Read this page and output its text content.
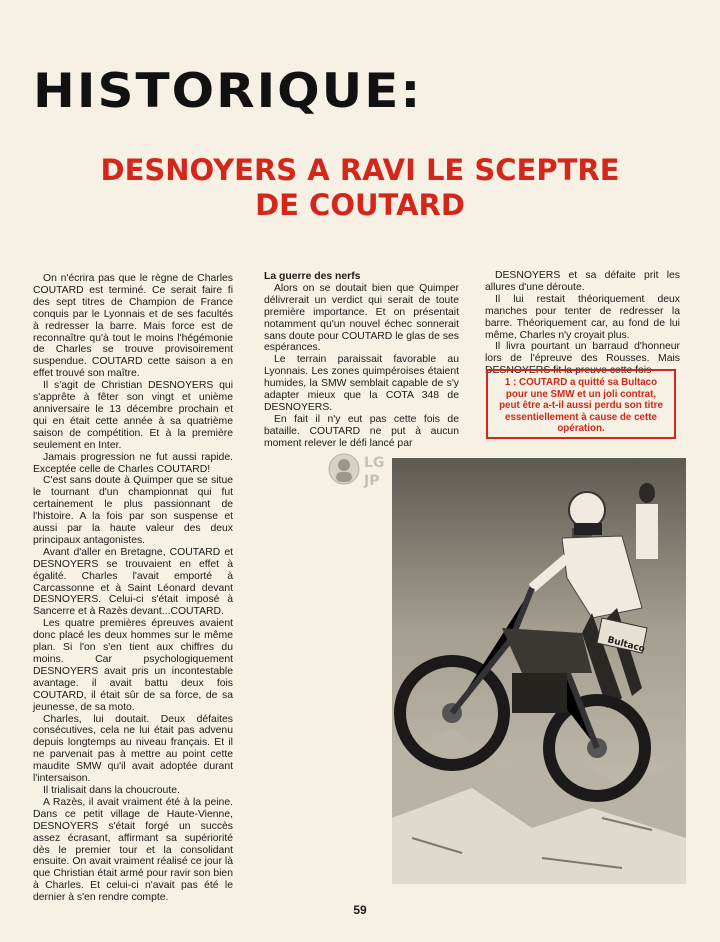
HISTORIQUE:
DESNOYERS A RAVI LE SCEPTRE
DE COUTARD

On n'écrira pas que le règne de Charles COUTARD est terminé. Ce serait faire fi des sept titres de Champion de France conquis par le Lyonnais et de ses facultés à redresser la barre. Mais force est de reconnaître qu'à tout le moins l'hégémonie de Charles se trouve provisoirement suspendue. COUTARD cette saison a en effet trouvé son maître.

Il s'agit de Christian DESNOYERS qui s'apprête à fêter son vingt et unième anniversaire le 13 décembre prochain et qui en était cette année à sa quatrième saison de compétition. Et à la première seulement en Inter.

Jamais progression ne fut aussi rapide. Exceptée celle de Charles COUTARD!

C'est sans doute à Quimper que se situe le tournant d'un championnat qui fut certainement le plus passionnant de l'histoire. A la fois par son suspense et aussi par la haute valeur des deux principaux antagonistes.

Avant d'aller en Bretagne, COUTARD et DESNOYERS se trouvaient en effet à égalité. Charles l'avait emporté à Carcassonne et à Saint Léonard devant DESNOYERS. Celui-ci s'était imposé à Sancerre et à Razès devant...COUTARD.

Les quatre premières épreuves avaient donc placé les deux hommes sur le même plan. Si l'on s'en tient aux chiffres du moins. Car psychologiquement DESNOYERS avait pris un incontestable avantage. il avait battu deux fois COUTARD, il était sûr de sa force, de sa jeunesse, de sa moto.

Charles, lui doutait. Deux défaites consécutives, cela ne lui était pas advenu depuis longtemps au niveau français. Et il ne parvenait pas à mettre au point cette maudite SMW qu'il avait adoptée durant l'intersaison.

Il trialisait dans la choucroute.

A Razès, il avait vraiment été à la peine. Dans ce petit village de Haute-Vienne, DESNOYERS s'était forgé un succès assez écrasant, affirmant sa supériorité dès le premier tour et la consolidant ensuite. On avait vraiment réalisé ce jour là que Christian était armé pour ravir son bien à Charles. Et celui-ci n'avait pas été le dernier à s'en rendre compte.

La guerre des nerfs

Alors on se doutait bien que Quimper délivrerait un verdict qui serait de toute première importance. Et on présentait notamment qu'un nouvel échec sonnerait sans doute pour COUTARD le glas de ses espérances.

Le terrain paraissait favorable au Lyonnais. Les zones quimpéroises étaient humides, la SMW semblait capable de s'y adapter mieux que la COTA 348 de DESNOYERS.

En fait il n'y eut pas cette fois de bataille. COUTARD ne put à aucun moment relever le défi lancé par

DESNOYERS et sa défaite prit les allures d'une déroute.

Il lui restait théoriquement deux manches pour tenter de redresser la barre. Théoriquement car, au fond de lui même, Charles n'y croyait plus.

Il livra pourtant un barraud d'honneur lors de l'épreuve des Rousses. Mais DESNOYERS fit la preuve cette fois

1 : COUTARD a quitté sa Bultaco pour une SMW et un joli contrat, peut être a-t-il aussi perdu son titre essentiellement à cause de cette opération.
LG
JP
Bultaco
59
